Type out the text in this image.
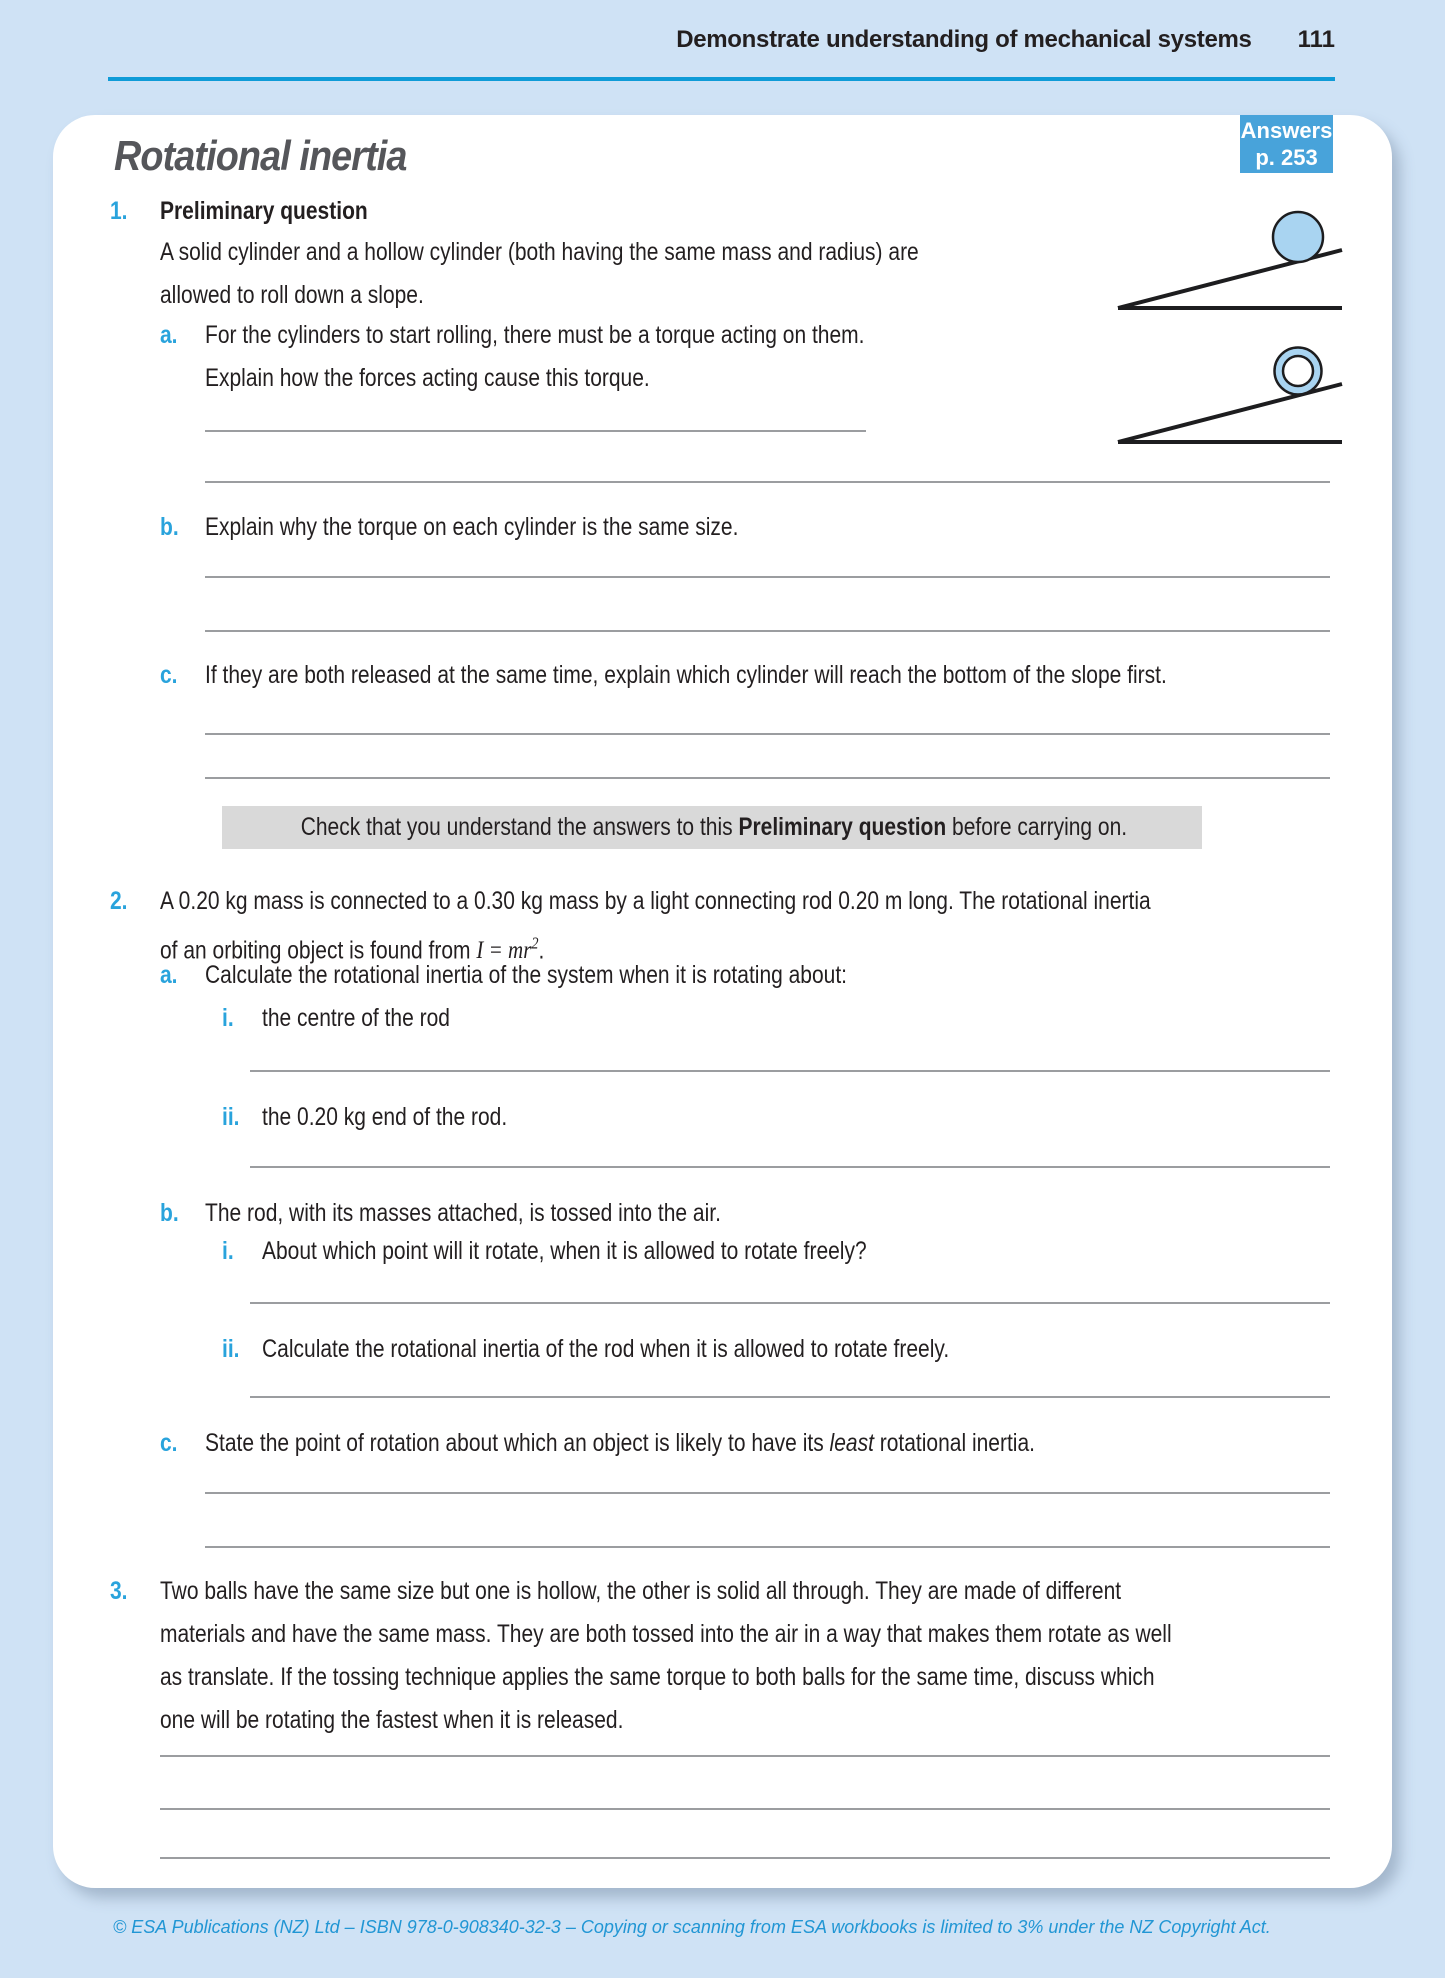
Demonstrate understanding of mechanical systems 111
Answers
p. 253
Rotational inertia
1. Preliminary question
A solid cylinder and a hollow cylinder (both having the same mass and radius) are
allowed to roll down a slope.
a. For the cylinders to start rolling, there must be a torque acting on them.
Explain how the forces acting cause this torque.
b. Explain why the torque on each cylinder is the same size.
c. If they are both released at the same time, explain which cylinder will reach the bottom of the slope first.
Check that you understand the answers to this Preliminary question before carrying on.
2. A 0.20 kg mass is connected to a 0.30 kg mass by a light connecting rod 0.20 m long. The rotational inertia
of an orbiting object is found from $I = mr^2$.
a. Calculate the rotational inertia of the system when it is rotating about:
i. the centre of the rod
ii. the 0.20 kg end of the rod.
b. The rod, with its masses attached, is tossed into the air.
i. About which point will it rotate, when it is allowed to rotate freely?
ii. Calculate the rotational inertia of the rod when it is allowed to rotate freely.
c. State the point of rotation about which an object is likely to have its least rotational inertia.
3. Two balls have the same size but one is hollow, the other is solid all through. They are made of different
materials and have the same mass. They are both tossed into the air in a way that makes them rotate as well
as translate. If the tossing technique applies the same torque to both balls for the same time, discuss which
one will be rotating the fastest when it is released.
© ESA Publications (NZ) Ltd – ISBN 978-0-908340-32-3 – Copying or scanning from ESA workbooks is limited to 3% under the NZ Copyright Act.
